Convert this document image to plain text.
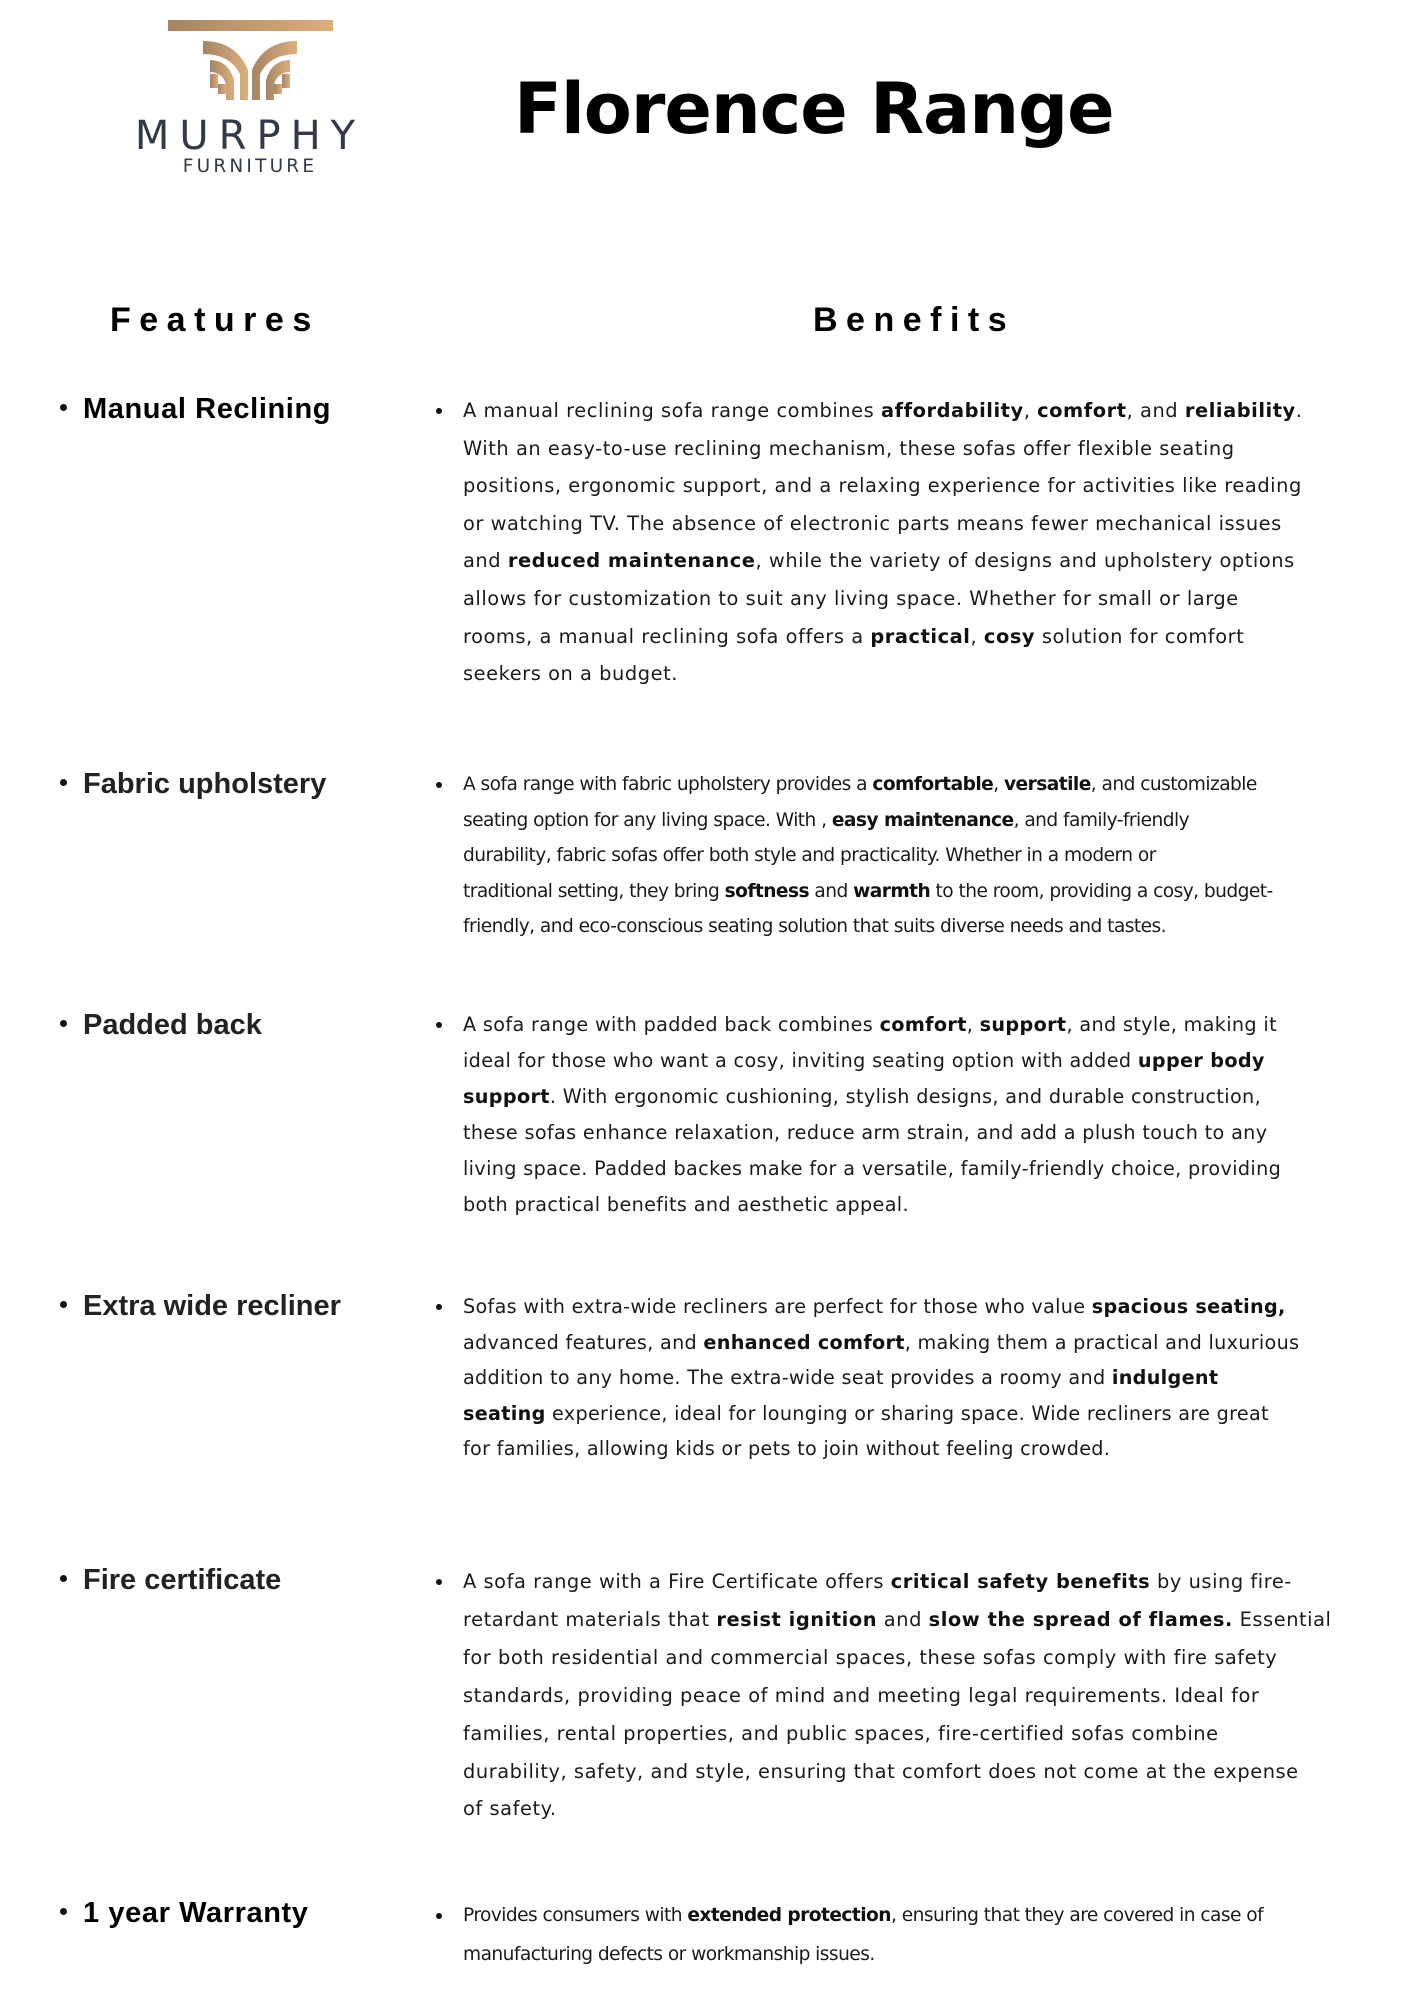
MURPHY
FURNITURE
Florence Range
Features	Benefits
Manual Reclining
Fabric upholstery
Padded back
Extra wide recliner
Fire certificate
1 year Warranty
A manual reclining sofa range combines affordability, comfort, and reliability.
With an easy-to-use reclining mechanism, these sofas offer flexible seating
positions, ergonomic support, and a relaxing experience for activities like reading
or watching TV. The absence of electronic parts means fewer mechanical issues
and reduced maintenance, while the variety of designs and upholstery options
allows for customization to suit any living space. Whether for small or large
rooms, a manual reclining sofa offers a practical, cosy solution for comfort
seekers on a budget.
A sofa range with fabric upholstery provides a comfortable, versatile, and customizable
seating option for any living space. With , easy maintenance, and family-friendly
durability, fabric sofas offer both style and practicality. Whether in a modern or
traditional setting, they bring softness and warmth to the room, providing a cosy, budget-
friendly, and eco-conscious seating solution that suits diverse needs and tastes.
A sofa range with padded back combines comfort, support, and style, making it
ideal for those who want a cosy, inviting seating option with added upper body
support. With ergonomic cushioning, stylish designs, and durable construction,
these sofas enhance relaxation, reduce arm strain, and add a plush touch to any
living space. Padded backes make for a versatile, family-friendly choice, providing
both practical benefits and aesthetic appeal.
Sofas with extra-wide recliners are perfect for those who value spacious seating,
advanced features, and enhanced comfort, making them a practical and luxurious
addition to any home. The extra-wide seat provides a roomy and indulgent
seating experience, ideal for lounging or sharing space. Wide recliners are great
for families, allowing kids or pets to join without feeling crowded.
A sofa range with a Fire Certificate offers critical safety benefits by using fire-
retardant materials that resist ignition and slow the spread of flames. Essential
for both residential and commercial spaces, these sofas comply with fire safety
standards, providing peace of mind and meeting legal requirements. Ideal for
families, rental properties, and public spaces, fire-certified sofas combine
durability, safety, and style, ensuring that comfort does not come at the expense
of safety.
Provides consumers with extended protection, ensuring that they are covered in case of
manufacturing defects or workmanship issues.
